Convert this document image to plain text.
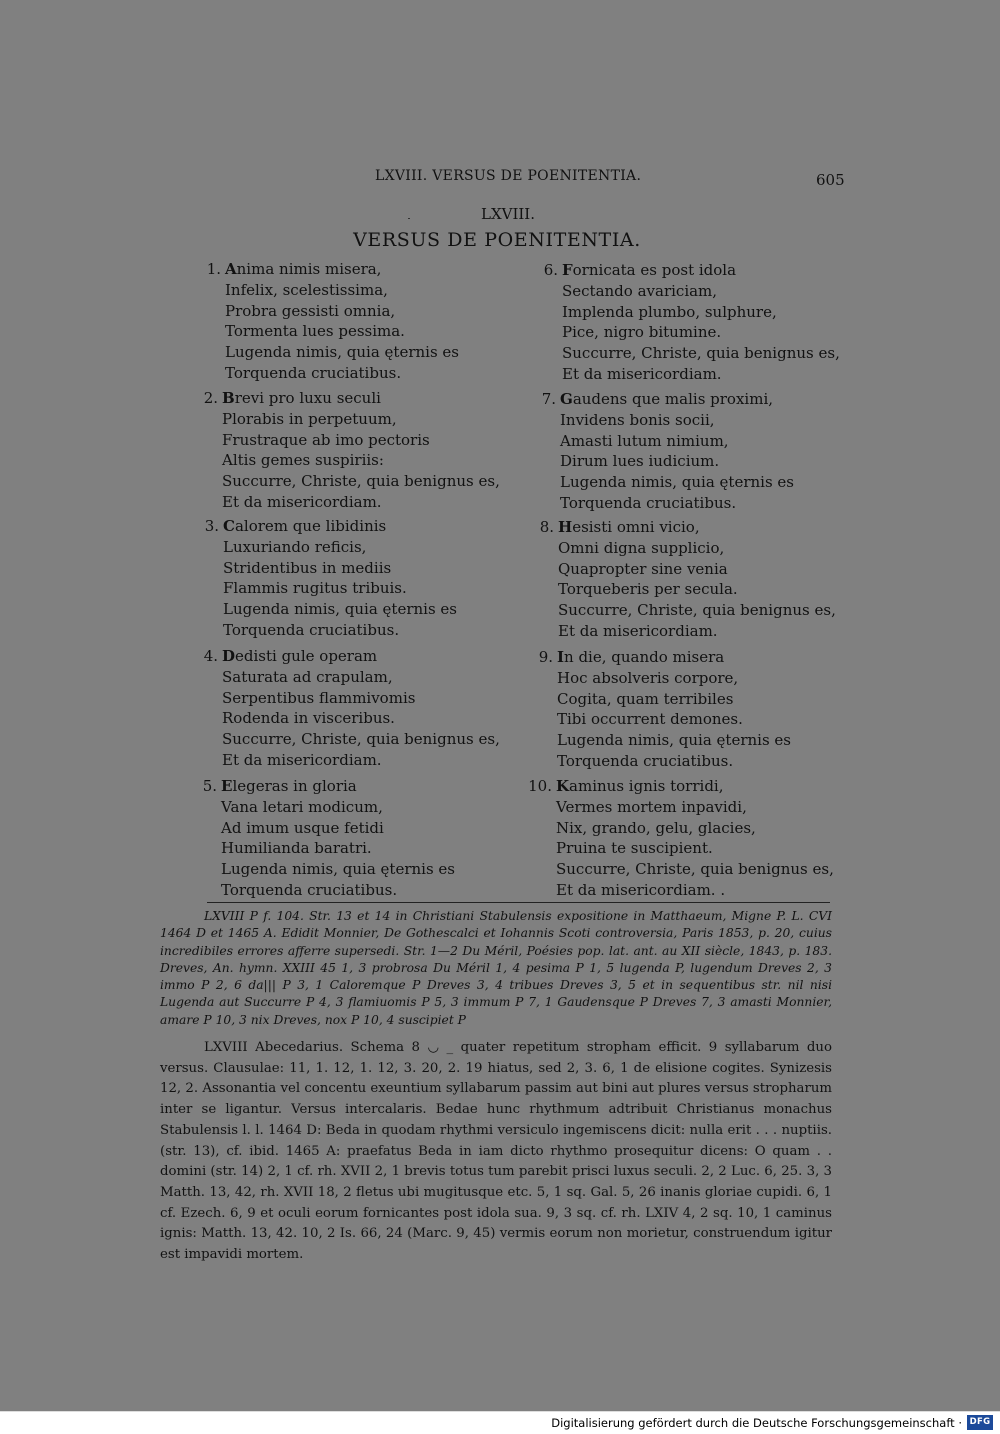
LXVIII. VERSUS DE POENITENTIA.	605
LXVIII.
VERSUS DE POENITENTIA.
1. Anima nimis misera,
Infelix, scelestissima,
Probra gessisti omnia,
Tormenta lues pessima.
Lugenda nimis, quia ęternis es
Torquenda cruciatibus.
2. Brevi pro luxu seculi
Plorabis in perpetuum,
Frustraque ab imo pectoris
Altis gemes suspiriis:
Succurre, Christe, quia benignus es,
Et da misericordiam.
3. Calorem que libidinis
Luxuriando reficis,
Stridentibus in mediis
Flammis rugitus tribuis.
Lugenda nimis, quia ęternis es
Torquenda cruciatibus.
4. Dedisti gule operam
Saturata ad crapulam,
Serpentibus flammivomis
Rodenda in visceribus.
Succurre, Christe, quia benignus es,
Et da misericordiam.
5. Elegeras in gloria
Vana letari modicum,
Ad imum usque fetidi
Humilianda baratri.
Lugenda nimis, quia ęternis es
Torquenda cruciatibus.
6. Fornicata es post idola
Sectando avariciam,
Implenda plumbo, sulphure,
Pice, nigro bitumine.
Succurre, Christe, quia benignus es,
Et da misericordiam.
7. Gaudens que malis proximi,
Invidens bonis socii,
Amasti lutum nimium,
Dirum lues iudicium.
Lugenda nimis, quia ęternis es
Torquenda cruciatibus.
8. Hesisti omni vicio,
Omni digna supplicio,
Quapropter sine venia
Torqueberis per secula.
Succurre, Christe, quia benignus es,
Et da misericordiam.
9. In die, quando misera
Hoc absolveris corpore,
Cogita, quam terribiles
Tibi occurrent demones.
Lugenda nimis, quia ęternis es
Torquenda cruciatibus.
10. Kaminus ignis torridi,
Vermes mortem inpavidi,
Nix, grando, gelu, glacies,
Pruina te suscipient.
Succurre, Christe, quia benignus es,
Et da misericordiam. .

LXVIII P f. 104. Str. 13 et 14 in Christiani Stabulensis expositione in Matthaeum, Migne P. L. CVI 1464 D et 1465 A. Edidit Monnier, De Gothescalci et Iohannis Scoti controversia, Paris 1853, p. 20, cuius incredibiles errores afferre supersedi. Str. 1—2 Du Méril, Poésies pop. lat. ant. au XII siècle, 1843, p. 183. Dreves, An. hymn. XXIII 45 1, 3 probrosa Du Méril 1, 4 pesima P 1, 5 lugenda P, lugendum Dreves 2, 3 immo P 2, 6 da||| P 3, 1 Caloremque P Dreves 3, 4 tribues Dreves 3, 5 et in sequentibus str. nil nisi Lugenda aut Succurre P 4, 3 flamiuomis P 5, 3 immum P 7, 1 Gaudensque P Dreves 7, 3 amasti Monnier, amare P 10, 3 nix Dreves, nox P 10, 4 suscipiet P

LXVIII Abecedarius. Schema 8 ◡ _ quater repetitum stropham efficit. 9 syllabarum duo versus. Clausulae: 11, 1. 12, 1. 12, 3. 20, 2. 19 hiatus, sed 2, 3. 6, 1 de elisione cogites. Synizesis 12, 2. Assonantia vel concentu exeuntium syllabarum passim aut bini aut plures versus stropharum inter se ligantur. Versus intercalaris. Bedae hunc rhythmum adtribuit Christianus monachus Stabulensis l. l. 1464 D: Beda in quodam rhythmi versiculo ingemiscens dicit: nulla erit . . . nuptiis. (str. 13), cf. ibid. 1465 A: praefatus Beda in iam dicto rhythmo prosequitur dicens: O quam . . domini (str. 14) 2, 1 cf. rh. XVII 2, 1 brevis totus tum parebit prisci luxus seculi. 2, 2 Luc. 6, 25. 3, 3 Matth. 13, 42, rh. XVII 18, 2 fletus ubi mugitusque etc. 5, 1 sq. Gal. 5, 26 inanis gloriae cupidi. 6, 1 cf. Ezech. 6, 9 et oculi eorum fornicantes post idola sua. 9, 3 sq. cf. rh. LXIV 4, 2 sq. 10, 1 caminus ignis: Matth. 13, 42. 10, 2 Is. 66, 24 (Marc. 9, 45) vermis eorum non morietur, construendum igitur est impavidi mortem.

Digitalisierung gefördert durch die Deutsche Forschungsgemeinschaft · DFG
